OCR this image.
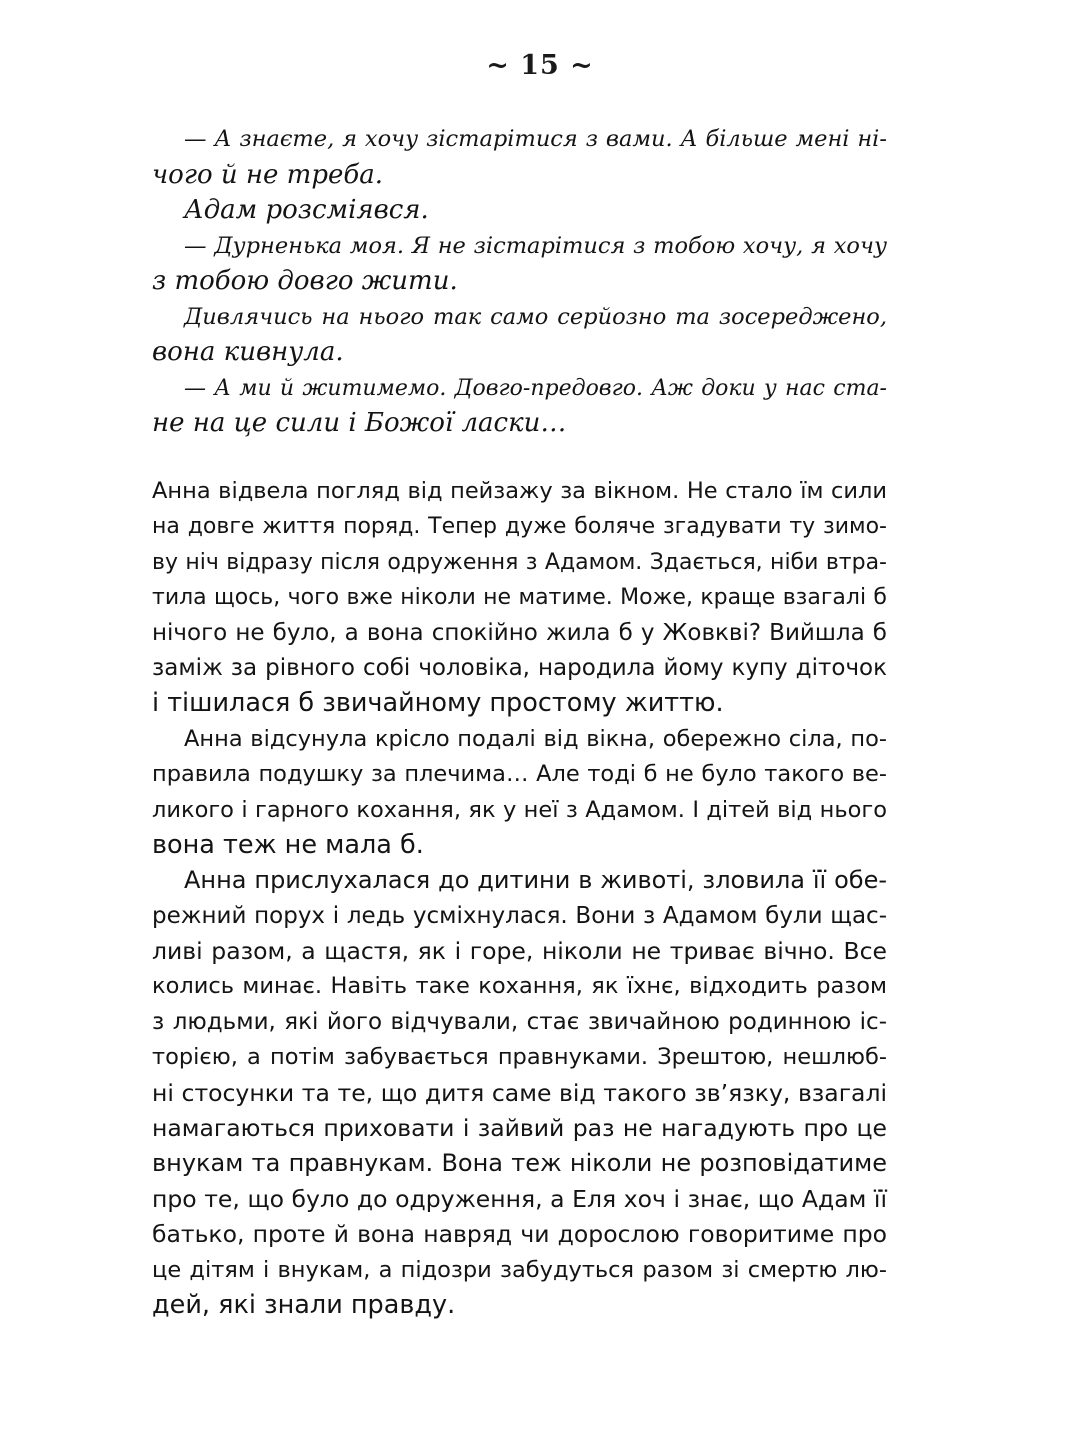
~ 15 ~
— А знаєте, я хочу зістарітися з вами. А більше мені ні-
чого й не треба.
Адам розсміявся.
— Дурненька моя. Я не зістарітися з тобою хочу, я хочу
з тобою довго жити.
Дивлячись на нього так само серйозно та зосереджено,
вона кивнула.
— А ми й житимемо. Довго-предовго. Аж доки у нас ста-
не на це сили і Божої ласки…
Анна відвела погляд від пейзажу за вікном. Не стало їм сили
на довге життя поряд. Тепер дуже боляче згадувати ту зимо-
ву ніч відразу після одруження з Адамом. Здається, ніби втра-
тила щось, чого вже ніколи не матиме. Може, краще взагалі б
нічого не було, а вона спокійно жила б у Жовкві? Вийшла б
заміж за рівного собі чоловіка, народила йому купу діточок
і тішилася б звичайному простому життю.
Анна відсунула крісло подалі від вікна, обережно сіла, по-
правила подушку за плечима… Але тоді б не було такого ве-
ликого і гарного кохання, як у неї з Адамом. І дітей від нього
вона теж не мала б.
Анна прислухалася до дитини в животі, зловила її обе-
режний порух і ледь усміхнулася. Вони з Адамом були щас-
ливі разом, а щастя, як і горе, ніколи не триває вічно. Все
колись минає. Навіть таке кохання, як їхнє, відходить разом
з людьми, які його відчували, стає звичайною родинною іс-
торією, а потім забувається правнуками. Зрештою, нешлюб-
ні стосунки та те, що дитя саме від такого зв’язку, взагалі
намагаються приховати і зайвий раз не нагадують про це
внукам та правнукам. Вона теж ніколи не розповідатиме
про те, що було до одруження, а Еля хоч і знає, що Адам її
батько, проте й вона навряд чи дорослою говоритиме про
це дітям і внукам, а підозри забудуться разом зі смертю лю-
дей, які знали правду.
